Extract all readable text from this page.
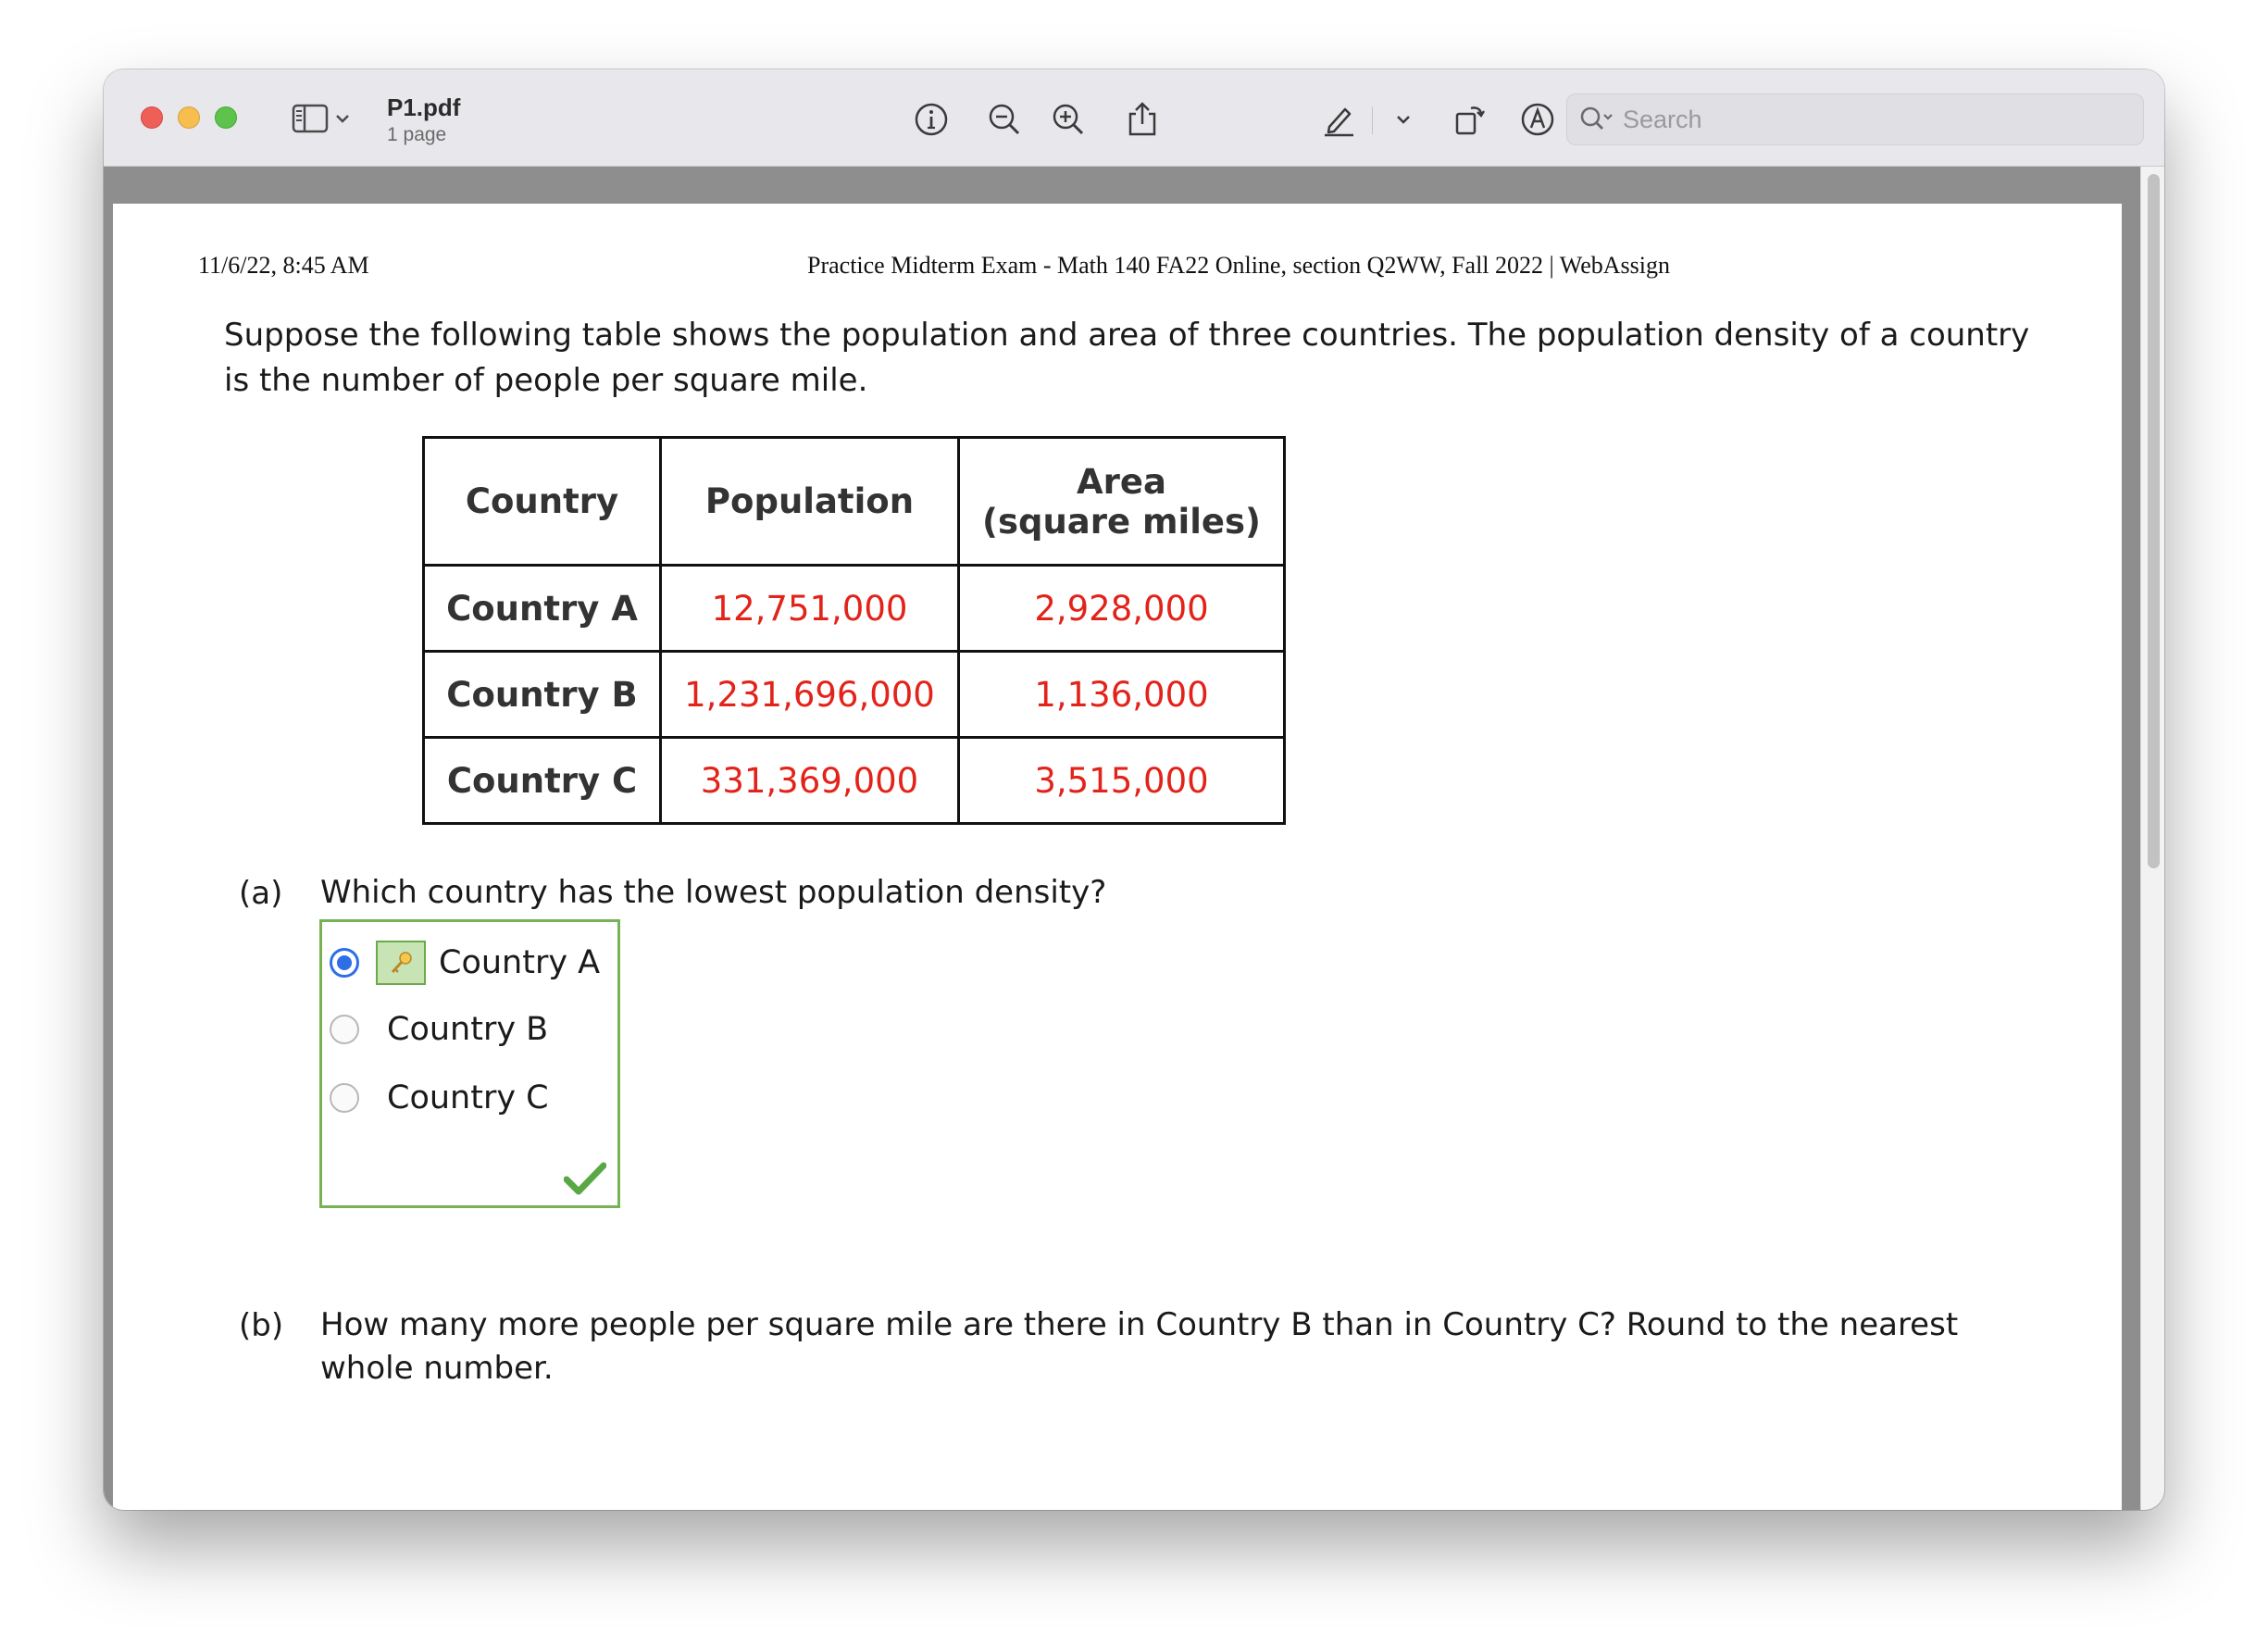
P1.pdf
1 page
Search
11/6/22, 8:45 AM	Practice Midterm Exam - Math 140 FA22 Online, section Q2WW, Fall 2022 | WebAssign
Suppose the following table shows the population and area of three countries. The population density of a country is the number of people per square mile.
Country	Population	Area
(square miles)
Country A	12,751,000	2,928,000
Country B	1,231,696,000	1,136,000
Country C	331,369,000	3,515,000
(a) Which country has the lowest population density?
Country A
Country B
Country C
(b) How many more people per square mile are there in Country B than in Country C? Round to the nearest whole number.
